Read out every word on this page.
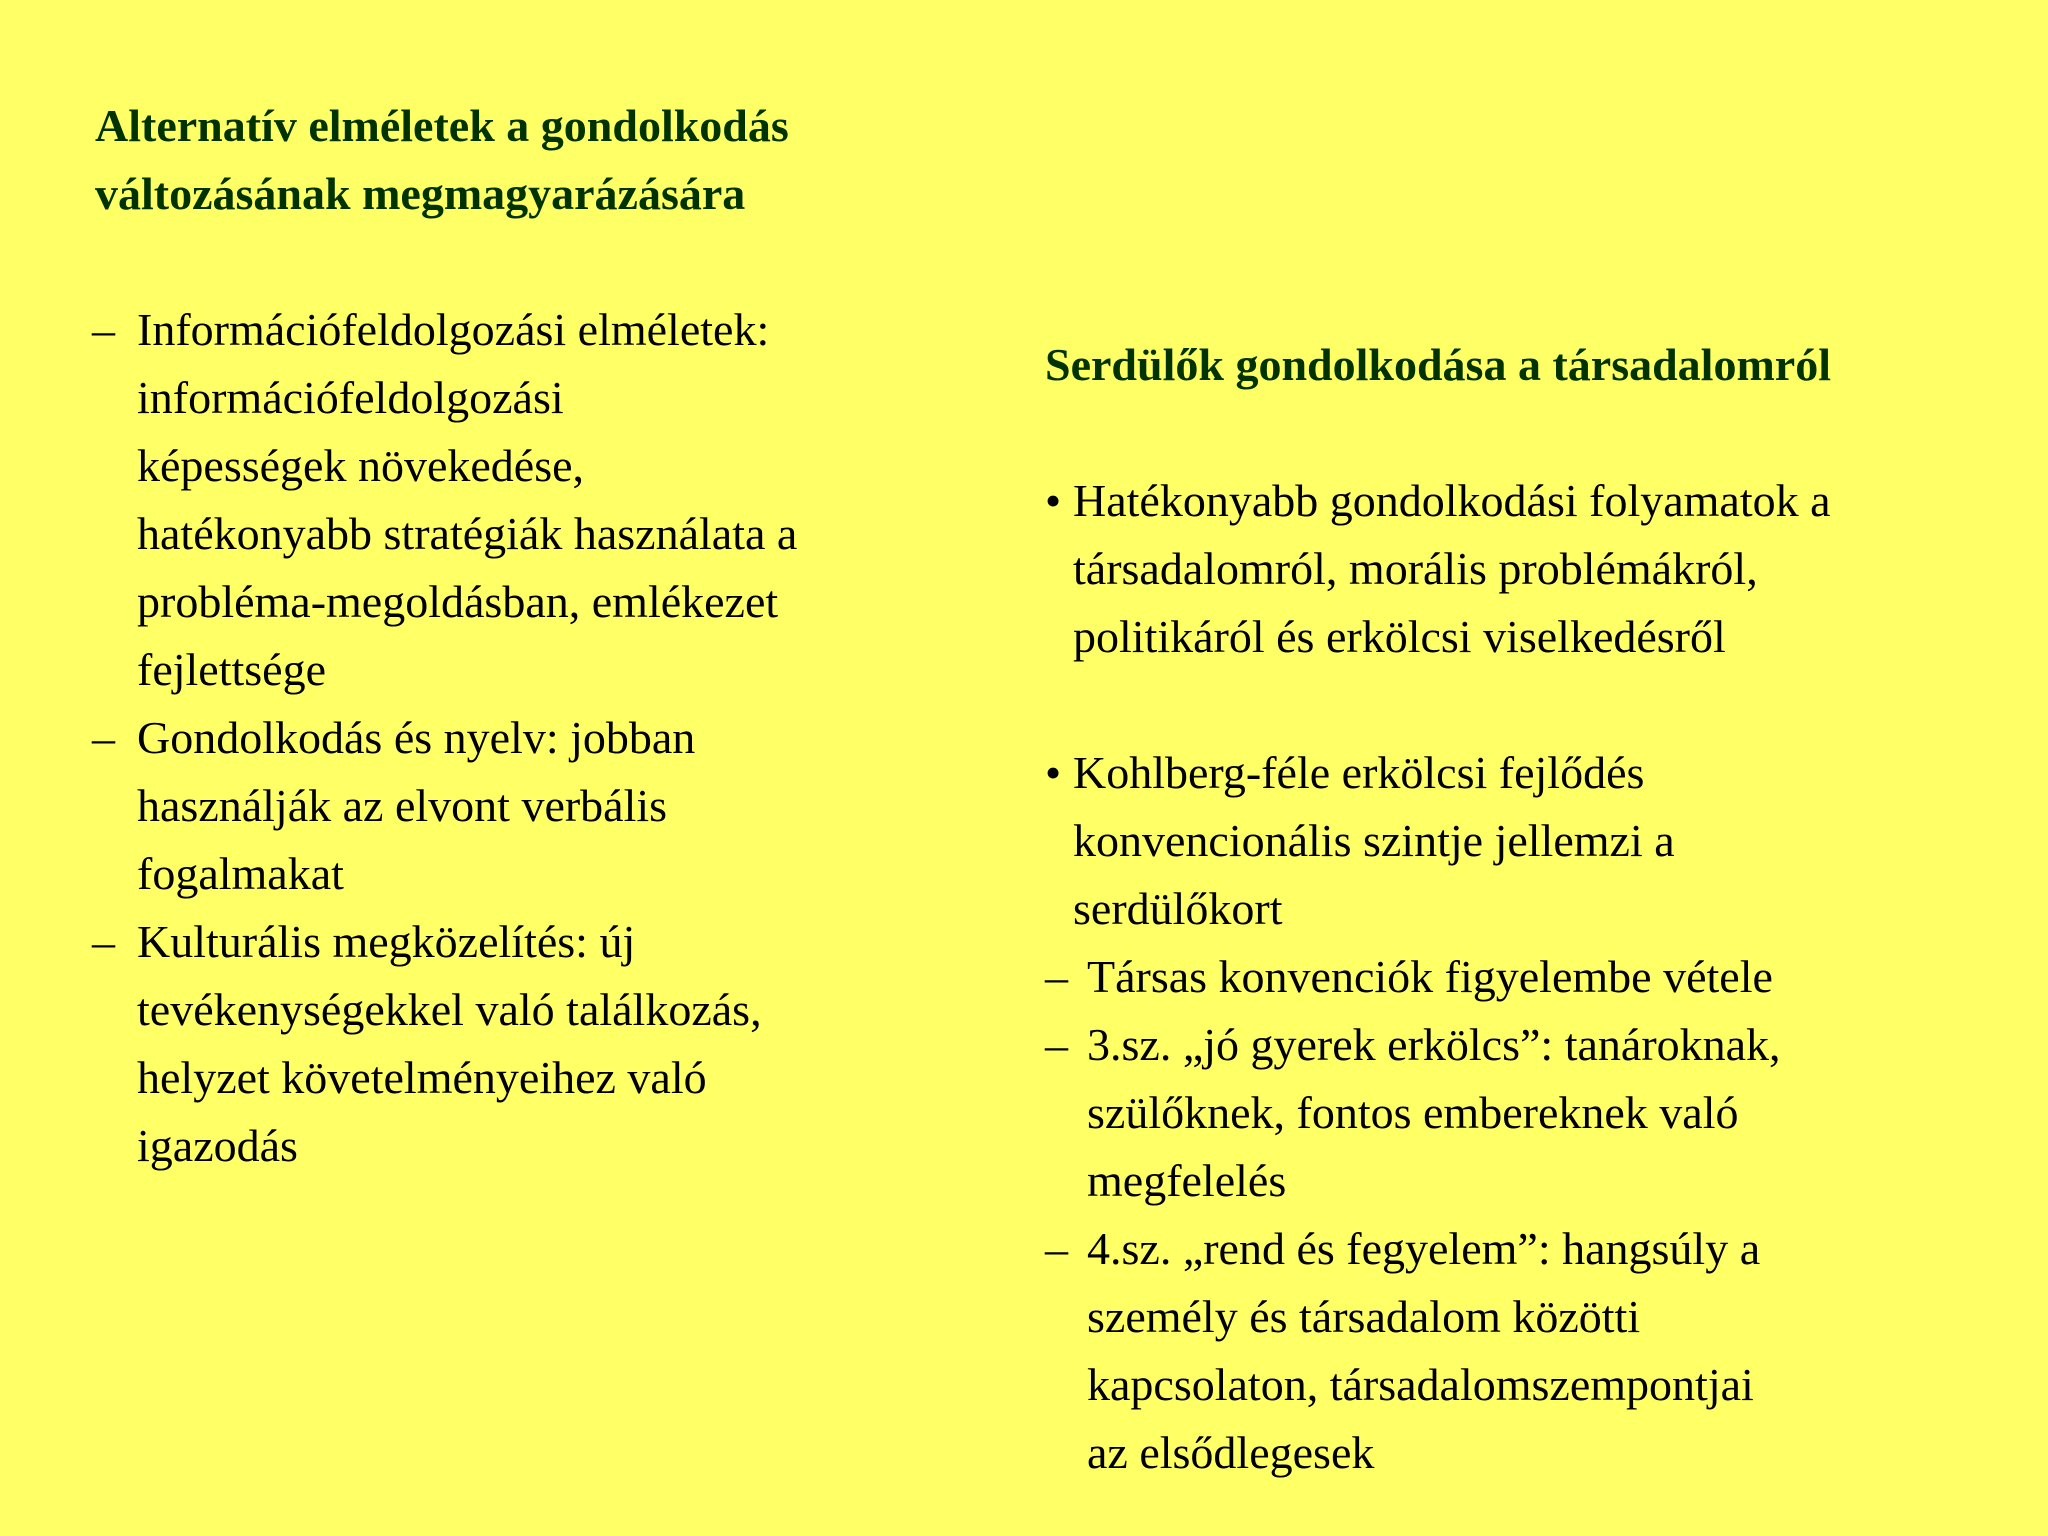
Alternatív elméletek a gondolkodás
változásának megmagyarázására
– Információfeldolgozási elméletek:
információfeldolgozási
képességek növekedése,
hatékonyabb stratégiák használata a
probléma-megoldásban, emlékezet
fejlettsége
– Gondolkodás és nyelv: jobban
használják az elvont verbális
fogalmakat
– Kulturális megközelítés: új
tevékenységekkel való találkozás,
helyzet követelményeihez való
igazodás
Serdülők gondolkodása a társadalomról
• Hatékonyabb gondolkodási folyamatok a
társadalomról, morális problémákról,
politikáról és erkölcsi viselkedésről
• Kohlberg-féle erkölcsi fejlődés
konvencionális szintje jellemzi a
serdülőkort
– Társas konvenciók figyelembe vétele
– 3.sz. „jó gyerek erkölcs”: tanároknak,
szülőknek, fontos embereknek való
megfelelés
– 4.sz. „rend és fegyelem”: hangsúly a
személy és társadalom közötti
kapcsolaton, társadalomszempontjai
az elsődlegesek
